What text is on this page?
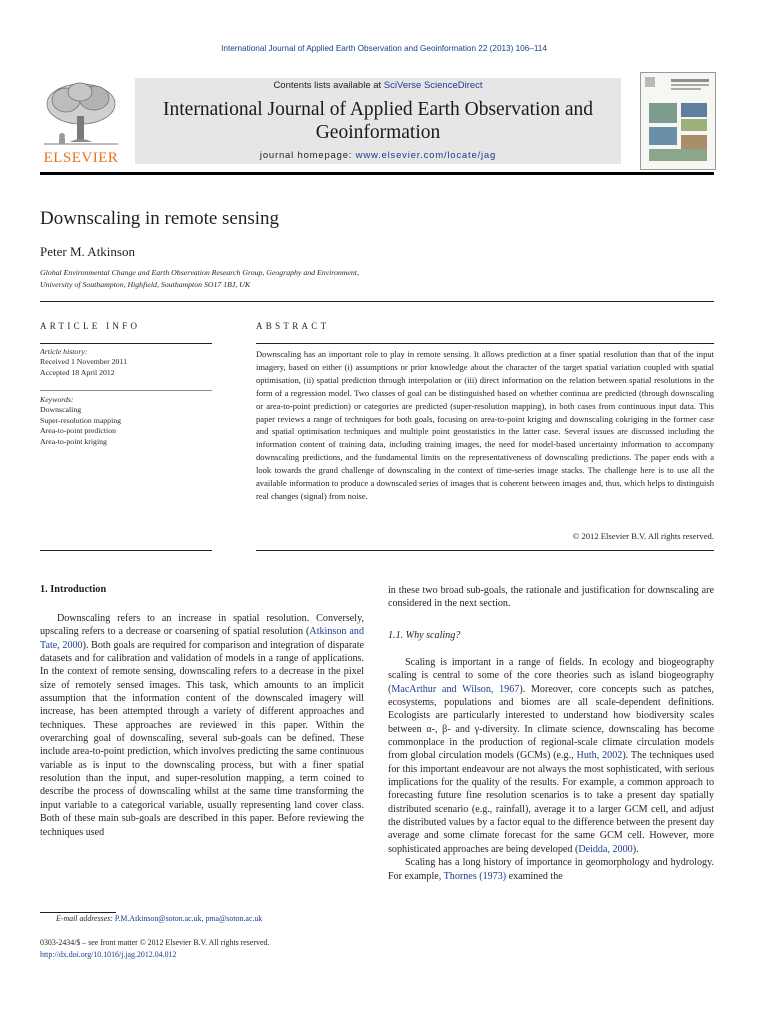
International Journal of Applied Earth Observation and Geoinformation 22 (2013) 106–114
ELSEVIER
Contents lists available at SciVerse ScienceDirect
International Journal of Applied Earth Observation and
Geoinformation
journal homepage: www.elsevier.com/locate/jag
Downscaling in remote sensing
Peter M. Atkinson
Global Environmental Change and Earth Observation Research Group, Geography and Environment,
University of Southampton, Highfield, Southampton SO17 1BJ, UK
ARTICLE INFO
Article history:
Received 1 November 2011
Accepted 18 April 2012
Keywords:
Downscaling
Super-resolution mapping
Area-to-point prediction
Area-to-point kriging
ABSTRACT
Downscaling has an important role to play in remote sensing. It allows prediction at a finer spatial resolution than that of the input imagery, based on either (i) assumptions or prior knowledge about the character of the target spatial variation coupled with spatial optimisation, (ii) spatial prediction through interpolation or (iii) direct information on the relation between spatial resolutions in the form of a regression model. Two classes of goal can be distinguished based on whether continua are predicted (through downscaling or area-to-point prediction) or categories are predicted (super-resolution mapping), in both cases from continuous input data. This paper reviews a range of techniques for both goals, focusing on area-to-point kriging and downscaling cokriging in the former case and spatial optimisation techniques and multiple point geostatistics in the latter case. Several issues are discussed including the information content of training data, including training images, the need for model-based uncertainty information to accompany downscaling predictions, and the fundamental limits on the representativeness of downscaling predictions. The paper ends with a look towards the grand challenge of downscaling in the context of time-series image stacks. The challenge here is to use all the available information to produce a downscaled series of images that is coherent between images and, thus, which helps to distinguish real changes (signal) from noise.
© 2012 Elsevier B.V. All rights reserved.
1. Introduction

Downscaling refers to an increase in spatial resolution. Conversely, upscaling refers to a decrease or coarsening of spatial resolution (Atkinson and Tate, 2000). Both goals are required for comparison and integration of disparate datasets and for calibration and validation of models in a range of applications. In the context of remote sensing, downscaling refers to a decrease in the pixel size of remotely sensed images. This task, which amounts to an implicit assumption that the information content of the downscaled imagery will increase, has been attempted through a variety of different approaches and techniques. These approaches are reviewed in this paper. Within the overarching goal of downscaling, several sub-goals can be defined. These include area-to-point prediction, which involves predicting the same continuous variable as is input to the downscaling process, but with a finer spatial resolution than the input, and super-resolution mapping, a term coined to describe the process of downscaling whilst at the same time transforming the input variable to a categorical variable, usually representing land cover class. Both of these main sub-goals are described in this paper. Before reviewing the techniques used

in these two broad sub-goals, the rationale and justification for downscaling are considered in the next section.
1.1. Why scaling?

Scaling is important in a range of fields. In ecology and biogeography scaling is central to some of the core theories such as island biogeography (MacArthur and Wilson, 1967). Moreover, core concepts such as patches, ecosystems, populations and biomes are all scale-dependent definitions. Ecologists are particularly interested to understand how biodiversity scales between α-, β- and γ-diversity. In climate science, downscaling has become commonplace in the production of regional-scale climate circulation models from global circulation models (GCMs) (e.g., Huth, 2002). The techniques used for this important endeavour are not always the most sophisticated, with serious implications for the quality of the results. For example, a common approach to forecasting future fine resolution scenarios is to take a present day spatially distributed scenario (e.g., rainfall), average it to a larger GCM cell, and adjust the distributed values by a factor equal to the difference between the present day average and some climate forecast for the same GCM cell. However, more sophisticated approaches are being developed (Deidda, 2000).

Scaling has a long history of importance in geomorphology and hydrology. For example, Thornes (1973) examined the

E-mail addresses: P.M.Atkinson@soton.ac.uk, pma@soton.ac.uk
0303-2434/$ – see front matter © 2012 Elsevier B.V. All rights reserved.
http://dx.doi.org/10.1016/j.jag.2012.04.012
